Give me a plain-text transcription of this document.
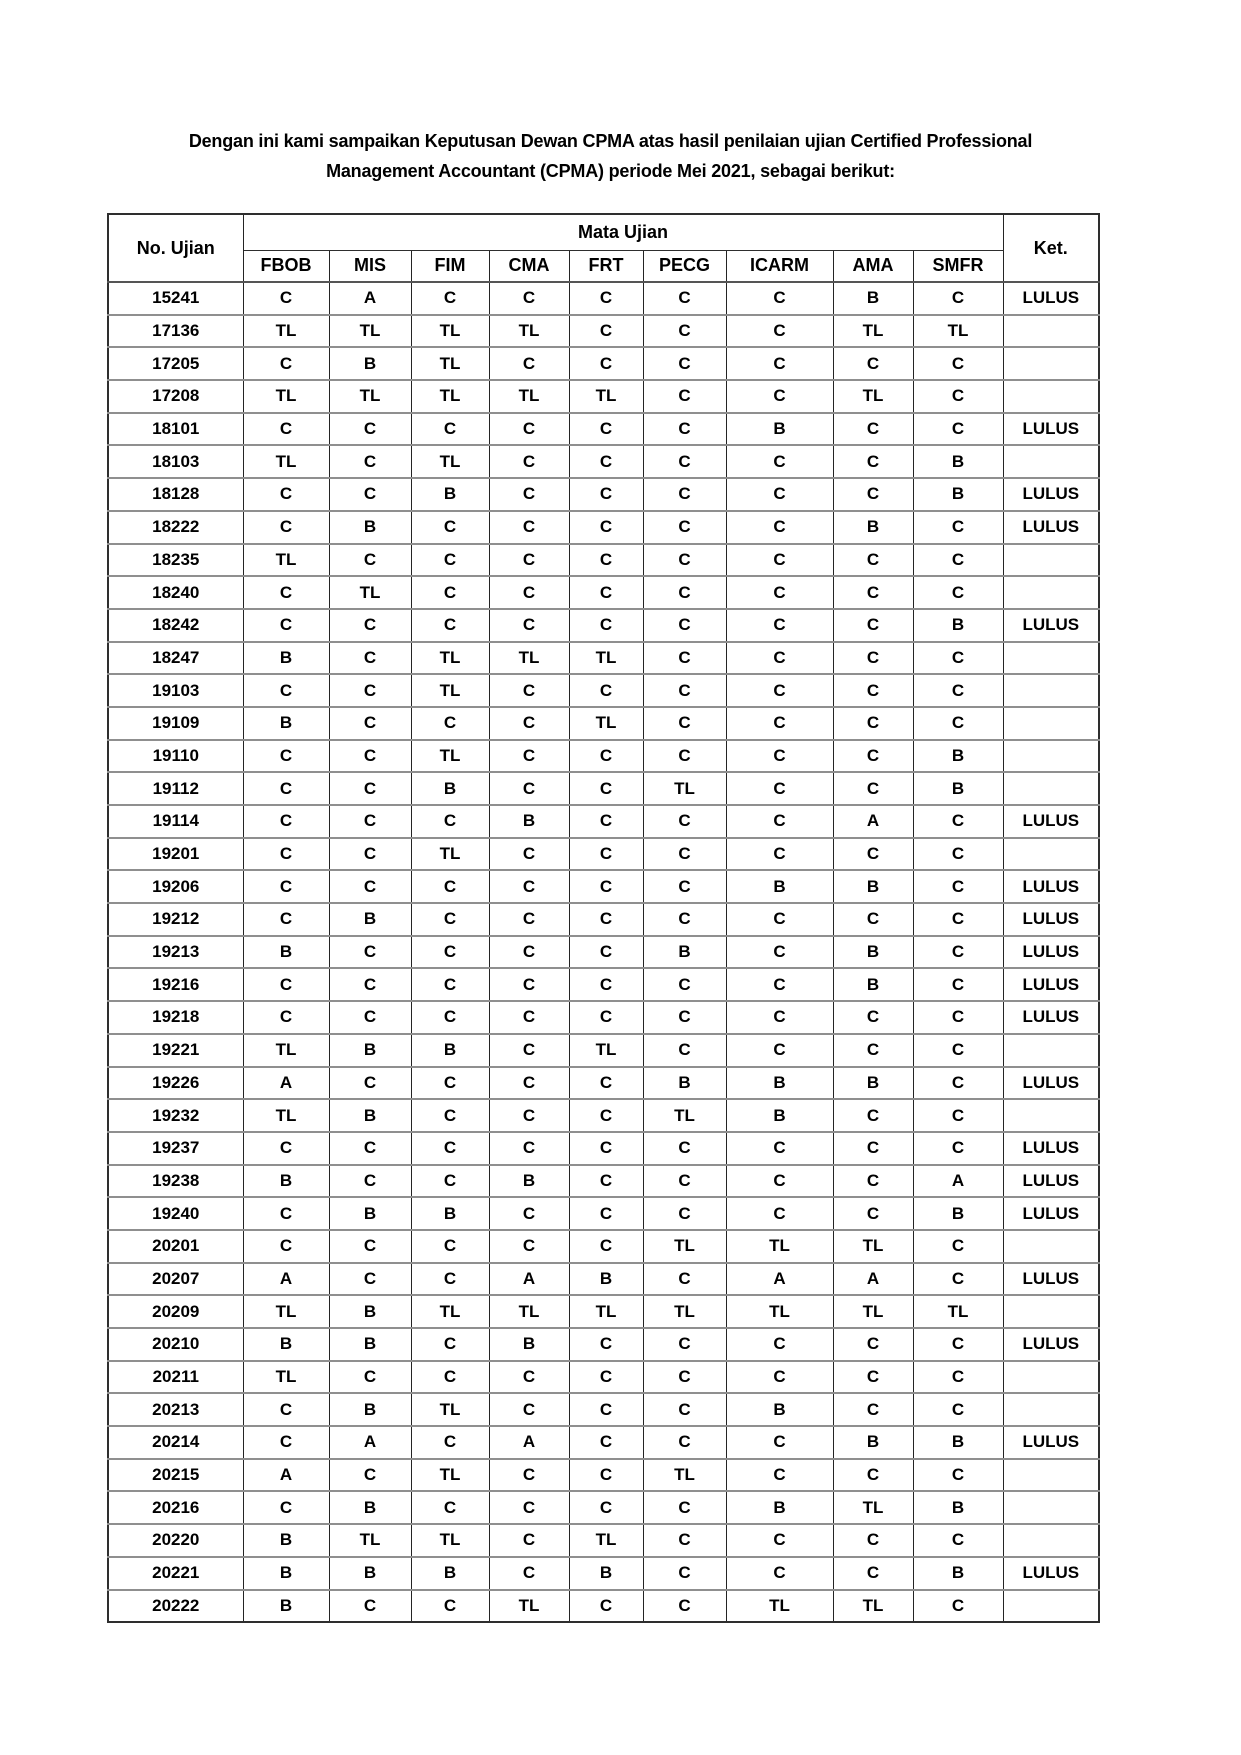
Dengan ini kami sampaikan Keputusan Dewan CPMA atas hasil penilaian ujian Certified Professional
Management Accountant (CPMA) periode Mei 2021, sebagai berikut:

No. Ujian	Mata Ujian									Ket.
	FBOB	MIS	FIM	CMA	FRT	PECG	ICARM	AMA	SMFR	
15241	C	A	C	C	C	C	C	B	C	LULUS
17136	TL	TL	TL	TL	C	C	C	TL	TL	
17205	C	B	TL	C	C	C	C	C	C	
17208	TL	TL	TL	TL	TL	C	C	TL	C	
18101	C	C	C	C	C	C	B	C	C	LULUS
18103	TL	C	TL	C	C	C	C	C	B	
18128	C	C	B	C	C	C	C	C	B	LULUS
18222	C	B	C	C	C	C	C	B	C	LULUS
18235	TL	C	C	C	C	C	C	C	C	
18240	C	TL	C	C	C	C	C	C	C	
18242	C	C	C	C	C	C	C	C	B	LULUS
18247	B	C	TL	TL	TL	C	C	C	C	
19103	C	C	TL	C	C	C	C	C	C	
19109	B	C	C	C	TL	C	C	C	C	
19110	C	C	TL	C	C	C	C	C	B	
19112	C	C	B	C	C	TL	C	C	B	
19114	C	C	C	B	C	C	C	A	C	LULUS
19201	C	C	TL	C	C	C	C	C	C	
19206	C	C	C	C	C	C	B	B	C	LULUS
19212	C	B	C	C	C	C	C	C	C	LULUS
19213	B	C	C	C	C	B	C	B	C	LULUS
19216	C	C	C	C	C	C	C	B	C	LULUS
19218	C	C	C	C	C	C	C	C	C	LULUS
19221	TL	B	B	C	TL	C	C	C	C	
19226	A	C	C	C	C	B	B	B	C	LULUS
19232	TL	B	C	C	C	TL	B	C	C	
19237	C	C	C	C	C	C	C	C	C	LULUS
19238	B	C	C	B	C	C	C	C	A	LULUS
19240	C	B	B	C	C	C	C	C	B	LULUS
20201	C	C	C	C	C	TL	TL	TL	C	
20207	A	C	C	A	B	C	A	A	C	LULUS
20209	TL	B	TL	TL	TL	TL	TL	TL	TL	
20210	B	B	C	B	C	C	C	C	C	LULUS
20211	TL	C	C	C	C	C	C	C	C	
20213	C	B	TL	C	C	C	B	C	C	
20214	C	A	C	A	C	C	C	B	B	LULUS
20215	A	C	TL	C	C	TL	C	C	C	
20216	C	B	C	C	C	C	B	TL	B	
20220	B	TL	TL	C	TL	C	C	C	C	
20221	B	B	B	C	B	C	C	C	B	LULUS
20222	B	C	C	TL	C	C	TL	TL	C	
